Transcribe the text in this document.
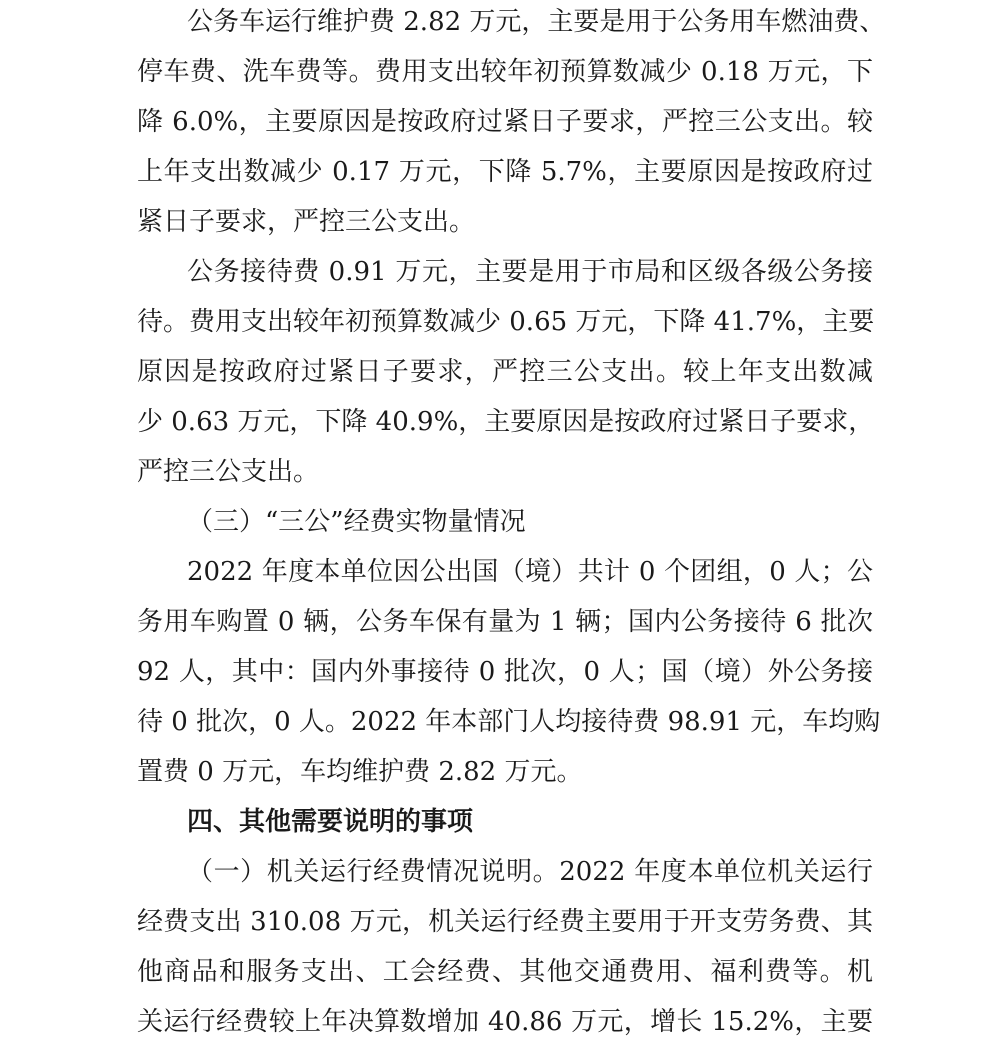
公务车运行维护费 2.82 万元，主要是用于公务用车燃油费、
停车费、洗车费等。费用支出较年初预算数减少 0.18 万元，下
降 6.0%，主要原因是按政府过紧日子要求，严控三公支出。较
上年支出数减少 0.17 万元，下降 5.7%，主要原因是按政府过
紧日子要求，严控三公支出。
公务接待费 0.91 万元，主要是用于市局和区级各级公务接
待。费用支出较年初预算数减少 0.65 万元，下降 41.7%，主要
原因是按政府过紧日子要求，严控三公支出。较上年支出数减
少 0.63 万元，下降 40.9%，主要原因是按政府过紧日子要求，
严控三公支出。
（三）“三公”经费实物量情况
2022 年度本单位因公出国（境）共计 0 个团组，0 人；公
务用车购置 0 辆，公务车保有量为 1 辆；国内公务接待 6 批次
92 人，其中：国内外事接待 0 批次，0 人；国（境）外公务接
待 0 批次，0 人。2022 年本部门人均接待费 98.91 元，车均购
置费 0 万元，车均维护费 2.82 万元。
四、其他需要说明的事项
（一）机关运行经费情况说明。2022 年度本单位机关运行
经费支出 310.08 万元，机关运行经费主要用于开支劳务费、其
他商品和服务支出、工会经费、其他交通费用、福利费等。机
关运行经费较上年决算数增加 40.86 万元，增长 15.2%，主要
